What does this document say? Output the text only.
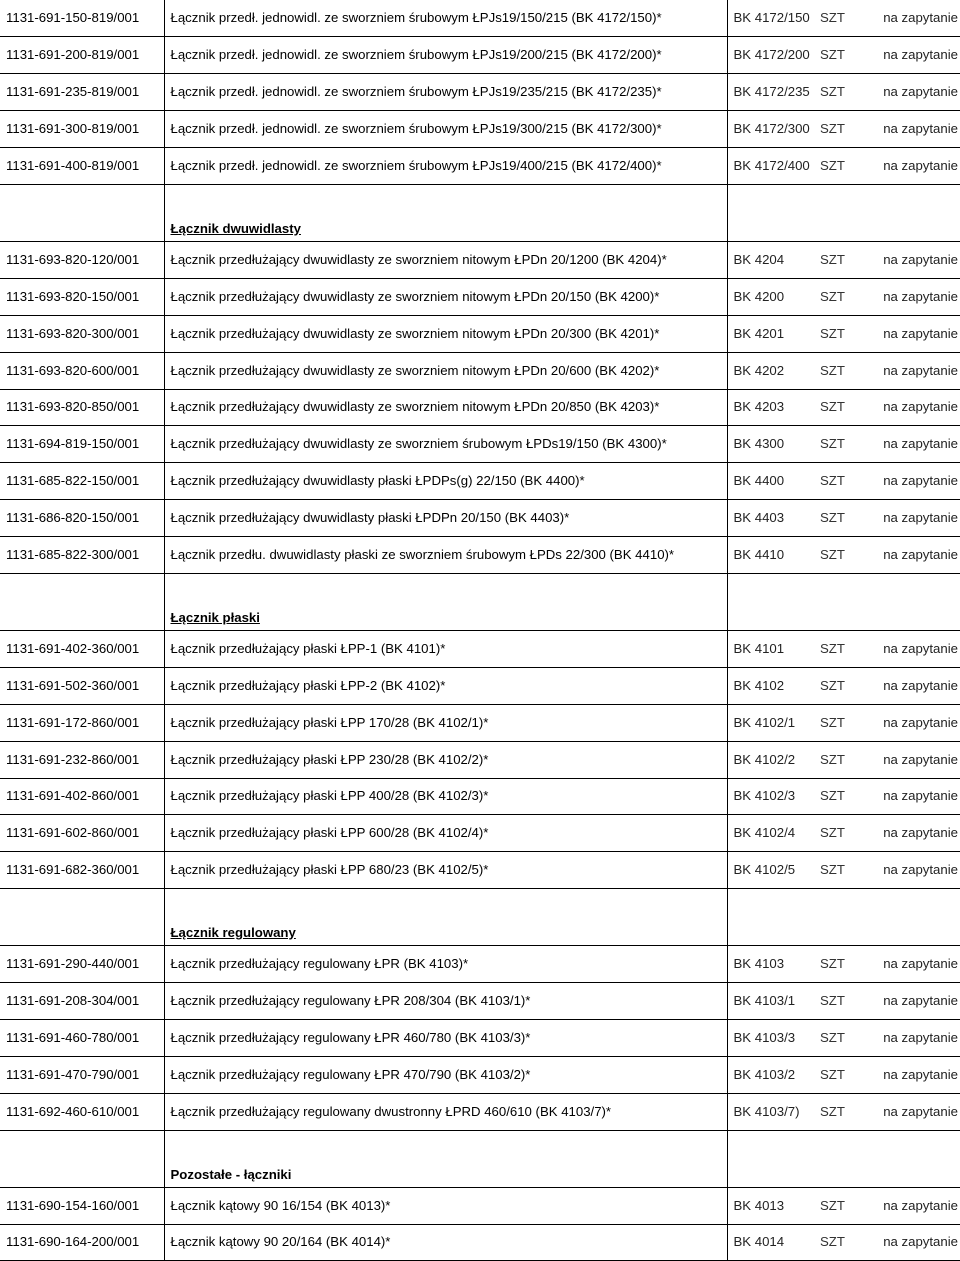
1131-691-150-819/001	Łącznik przedł. jednowidl. ze sworzniem śrubowym ŁPJs19/150/215 (BK 4172/150)*	BK 4172/150	SZT	na zapytanie
1131-691-200-819/001	Łącznik przedł. jednowidl. ze sworzniem śrubowym ŁPJs19/200/215 (BK 4172/200)*	BK 4172/200	SZT	na zapytanie
1131-691-235-819/001	Łącznik przedł. jednowidl. ze sworzniem śrubowym ŁPJs19/235/215 (BK 4172/235)*	BK 4172/235	SZT	na zapytanie
1131-691-300-819/001	Łącznik przedł. jednowidl. ze sworzniem śrubowym ŁPJs19/300/215 (BK 4172/300)*	BK 4172/300	SZT	na zapytanie
1131-691-400-819/001	Łącznik przedł. jednowidl. ze sworzniem śrubowym ŁPJs19/400/215 (BK 4172/400)*	BK 4172/400	SZT	na zapytanie
	Łącznik dwuwidlasty			
1131-693-820-120/001	Łącznik przedłużający dwuwidlasty ze sworzniem nitowym ŁPDn 20/1200 (BK 4204)*	BK 4204	SZT	na zapytanie
1131-693-820-150/001	Łącznik przedłużający dwuwidlasty ze sworzniem nitowym ŁPDn 20/150 (BK 4200)*	BK 4200	SZT	na zapytanie
1131-693-820-300/001	Łącznik przedłużający dwuwidlasty ze sworzniem nitowym ŁPDn 20/300 (BK 4201)*	BK 4201	SZT	na zapytanie
1131-693-820-600/001	Łącznik przedłużający dwuwidlasty ze sworzniem nitowym ŁPDn 20/600 (BK 4202)*	BK 4202	SZT	na zapytanie
1131-693-820-850/001	Łącznik przedłużający dwuwidlasty ze sworzniem nitowym ŁPDn 20/850 (BK 4203)*	BK 4203	SZT	na zapytanie
1131-694-819-150/001	Łącznik przedłużający dwuwidlasty ze sworzniem śrubowym ŁPDs19/150 (BK 4300)*	BK 4300	SZT	na zapytanie
1131-685-822-150/001	Łącznik przedłużający dwuwidlasty płaski ŁPDPs(g) 22/150 (BK 4400)*	BK 4400	SZT	na zapytanie
1131-686-820-150/001	Łącznik przedłużający dwuwidlasty płaski ŁPDPn 20/150 (BK 4403)*	BK 4403	SZT	na zapytanie
1131-685-822-300/001	Łącznik przedłu. dwuwidlasty płaski ze sworzniem śrubowym ŁPDs 22/300 (BK 4410)*	BK 4410	SZT	na zapytanie
	Łącznik płaski			
1131-691-402-360/001	Łącznik przedłużający płaski ŁPP-1 (BK 4101)*	BK 4101	SZT	na zapytanie
1131-691-502-360/001	Łącznik przedłużający płaski ŁPP-2 (BK 4102)*	BK 4102	SZT	na zapytanie
1131-691-172-860/001	Łącznik przedłużający płaski ŁPP 170/28 (BK 4102/1)*	BK 4102/1	SZT	na zapytanie
1131-691-232-860/001	Łącznik przedłużający płaski ŁPP 230/28 (BK 4102/2)*	BK 4102/2	SZT	na zapytanie
1131-691-402-860/001	Łącznik przedłużający płaski ŁPP 400/28 (BK 4102/3)*	BK 4102/3	SZT	na zapytanie
1131-691-602-860/001	Łącznik przedłużający płaski ŁPP 600/28 (BK 4102/4)*	BK 4102/4	SZT	na zapytanie
1131-691-682-360/001	Łącznik przedłużający płaski ŁPP 680/23 (BK 4102/5)*	BK 4102/5	SZT	na zapytanie
	Łącznik regulowany			
1131-691-290-440/001	Łącznik przedłużający regulowany ŁPR (BK 4103)*	BK 4103	SZT	na zapytanie
1131-691-208-304/001	Łącznik przedłużający regulowany ŁPR 208/304 (BK 4103/1)*	BK 4103/1	SZT	na zapytanie
1131-691-460-780/001	Łącznik przedłużający regulowany ŁPR 460/780 (BK 4103/3)*	BK 4103/3	SZT	na zapytanie
1131-691-470-790/001	Łącznik przedłużający regulowany ŁPR 470/790 (BK 4103/2)*	BK 4103/2	SZT	na zapytanie
1131-692-460-610/001	Łącznik przedłużający regulowany dwustronny ŁPRD 460/610 (BK 4103/7)*	BK 4103/7)	SZT	na zapytanie
	Pozostałe - łączniki			
1131-690-154-160/001	Łącznik kątowy 90 16/154 (BK 4013)*	BK 4013	SZT	na zapytanie
1131-690-164-200/001	Łącznik kątowy 90 20/164 (BK 4014)*	BK 4014	SZT	na zapytanie
